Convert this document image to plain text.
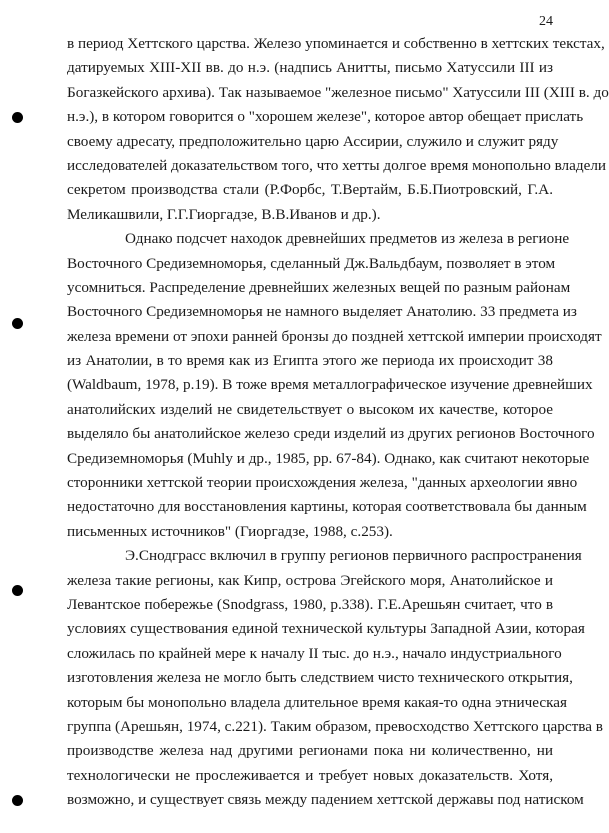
24
в период Хеттского царства. Железо упоминается и собственно в хеттских текстах,
датируемых XIII-XII вв. до н.э. (надпись Анитты, письмо Хатуссили III из
Богазкейского архива). Так называемое "железное письмо" Хатуссили III (XIII в. до
н.э.), в котором говорится о "хорошем железе", которое автор обещает прислать
своему адресату, предположительно царю Ассирии, служило и служит ряду
исследователей доказательством того, что хетты долгое время монопольно владели
секретом производства стали (Р.Форбс, Т.Вертайм, Б.Б.Пиотровский, Г.А.
Меликашвили, Г.Г.Гиоргадзе, В.В.Иванов и др.).
Однако подсчет находок древнейших предметов из железа в регионе
Восточного Средиземноморья, сделанный Дж.Вальдбаум, позволяет в этом
усомниться. Распределение древнейших железных вещей по разным районам
Восточного Средиземноморья не намного выделяет Анатолию. 33 предмета из
железа времени от эпохи ранней бронзы до поздней хеттской империи происходят
из Анатолии, в то время как из Египта этого же периода их происходит 38
(Waldbaum, 1978, p.19). В тоже время металлографическое изучение древнейших
анатолийских изделий не свидетельствует о высоком их качестве, которое
выделяло бы анатолийское железо среди изделий из других регионов Восточного
Средиземноморья (Muhly и др., 1985, pp. 67-84). Однако, как считают некоторые
сторонники хеттской теории происхождения железа, "данных археологии явно
недостаточно для восстановления картины, которая соответствовала бы данным
письменных источников" (Гиоргадзе, 1988, с.253).
Э.Снодграсс включил в группу регионов первичного распространения
железа такие регионы, как Кипр, острова Эгейского моря, Анатолийское и
Левантское побережье (Snodgrass, 1980, p.338). Г.Е.Арешьян считает, что в
условиях существования единой технической культуры Западной Азии, которая
сложилась по крайней мере к началу II тыс. до н.э., начало индустриального
изготовления железа не могло быть следствием чисто технического открытия,
которым бы монопольно владела длительное время какая-то одна этническая
группа (Арешьян, 1974, с.221). Таким образом, превосходство Хеттского царства в
производстве железа над другими регионами пока ни количественно, ни
технологически не прослеживается и требует новых доказательств. Хотя,
возможно, и существует связь между падением хеттской державы под натиском
